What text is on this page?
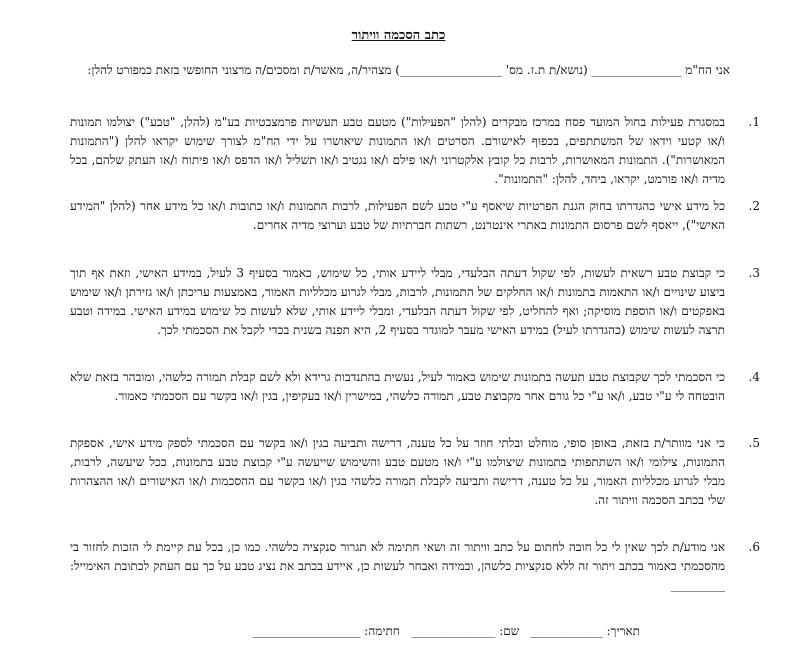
כתב הסכמה וויתור
אני הח"מ _______________ (נושא/ת ת.ז. מס' _________________) מצהיר/ה, מאשר/ת ומסכים/ה מרצוני החופשי בזאת כמפורט להלן:
1.
במסגרת פעילות בחול המועד פסח במרכז מבקרים (להלן "הפעילות") מטעם טבע תעשיות פרמצבטיות בע"מ (להלן, "טבע") יצולמו תמונות ו/או קטעי וידאו של המשתתפים, בכפוף לאישורם. הסרטים ו/או התמונות שיאושרו על ידי הח"מ לצורך שימוש יקראו להלן ("התמונות המאושרות"). התמונות המאושרות, לרבות כל קובץ אלקטרוני ו/או פילם ו/או נגטיב ו/או תשליל ו/או הדפס ו/או פיתוח ו/או העתק שלהם, בכל מדיה ו/או פורמט, יקראו, ביחד, להלן: "התמונות".
2.
כל מידע אישי כהגדרתו בחוק הגנת הפרטיות שיאסף ע"י טבע לשם הפעילות, לרבות התמונות ו/או כתובות ו/או כל מידע אחר (להלן "המידע האישי"), ייאסף לשם פרסום התמונות באתרי אינטרנט, רשתות חברתיות של טבע וערוצי מדיה אחרים.
3.
כי קבוצת טבע רשאית לעשות, לפי שקול דעתה הבלעדי, מבלי ליידע אותי, כל שימוש, כאמור בסעיף 3 לעיל, במידע האישי, וזאת אף תוך ביצוע שינויים ו/או התאמות בתמונות ו/או החלקים של התמונות, לרבות, מבלי לגרוע מכלליות האמור, באמצעות עריכתן ו/או גזירתן ו/או שימוש באפקטים ו/או הוספת מוסיקה; ואף להחליט, לפי שקול דעתה הבלעדי, ומבלי ליידע אותי, שלא לעשות כל שימוש במידע האישי. במידה וטבע תרצה לעשות שימוש (כהגדרתו לעיל) במידע האישי מעבר למוגדר בסעיף 2, היא תפנה בשנית בכדי לקבל את הסכמתי לכך.
4.
כי הסכמתי לכך שקבוצת טבע תעשה בתמונות שימוש כאמור לעיל, נעשית בהתנדבות גרידא ולא לשם קבלת תמורה כלשהי, ומובהר בזאת שלא הובטחה לי ע"י טבע, ו/או ע"י כל גורם אחר מקבוצת טבע, תמורה כלשהי, במישרין ו/או בעקיפין, בגין ו/או בקשר עם הסכמתי כאמור.
5.
כי אני מוותר/ת בזאת, באופן סופי, מוחלט ובלתי חוזר על כל טענה, דרישה ותביעה בגין ו/או בקשר עם הסכמתי לספק מידע אישי, אספקת התמונות, צילומי ו/או השתתפותי בתמונות שיצולמו ע"י ו/או מטעם טבע והשימוש שייעשה ע"י קבוצת טבע בתמונות, ככל שיעשה, לרבות, מבלי לגרוע מכלליות האמור, על כל טענה, דרישה ותביעה לקבלת תמורה כלשהי בגין ו/או בקשר עם ההסכמות ו/או האישורים ו/או ההצהרות שלי בכתב הסכמה וויתור זה.
6.
אני מודע/ת לכך שאין לי כל חובה לחתום על כתב וויתור זה ושאי חתימה לא תגרור סנקציה כלשהי. כמו כן, בכל עת קיימת לי הזכות לחזור בי מהסכמתי כאמור בכתב ויתור זה ללא סנקציות כלשהן, ובמידה ואבחר לעשות כן, איידע בכתב את נציג טבע על כך עם העתק לכתובת האימייל: _________
תאריך: ____________   שם: ______________   חתימה: __________________
